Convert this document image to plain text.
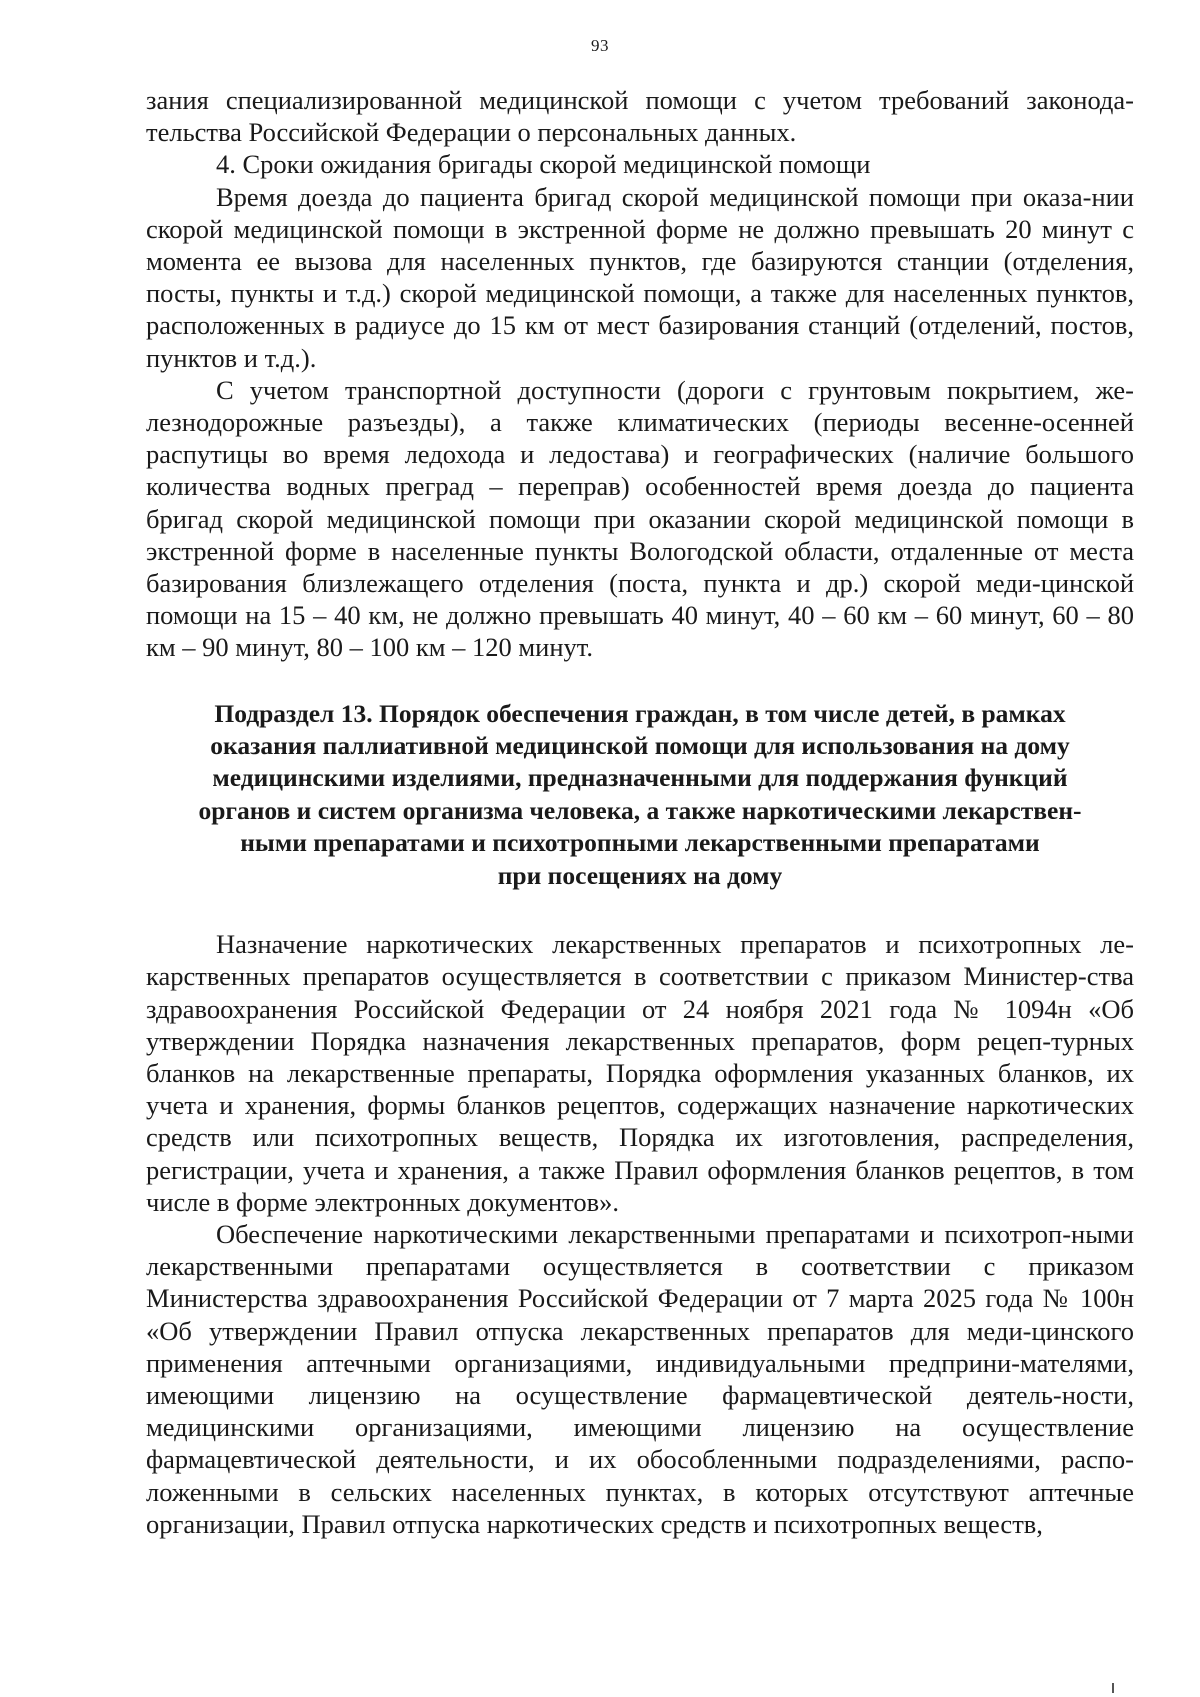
93

зания специализированной медицинской помощи с учетом требований законода-тельства Российской Федерации о персональных данных.

4. Сроки ожидания бригады скорой медицинской помощи

Время доезда до пациента бригад скорой медицинской помощи при оказа-нии скорой медицинской помощи в экстренной форме не должно превышать 20 минут с момента ее вызова для населенных пунктов, где базируются станции (отделения, посты, пункты и т.д.) скорой медицинской помощи, а также для населенных пунктов, расположенных в радиусе до 15 км от мест базирования станций (отделений, постов, пунктов и т.д.).

С учетом транспортной доступности (дороги с грунтовым покрытием, же-лезнодорожные разъезды), а также климатических (периоды весенне-осенней распутицы во время ледохода и ледостава) и географических (наличие большого количества водных преград – переправ) особенностей время доезда до пациента бригад скорой медицинской помощи при оказании скорой медицинской помощи в экстренной форме в населенные пункты Вологодской области, отдаленные от места базирования близлежащего отделения (поста, пункта и др.) скорой меди-цинской помощи на 15 – 40 км, не должно превышать 40 минут, 40 – 60 км – 60 минут, 60 – 80 км – 90 минут, 80 – 100 км – 120 минут.

Подраздел 13. Порядок обеспечения граждан, в том числе детей, в рамках
оказания паллиативной медицинской помощи для использования на дому
медицинскими изделиями, предназначенными для поддержания функций
органов и систем организма человека, а также наркотическими лекарствен-
ными препаратами и психотропными лекарственными препаратами
при посещениях на дому

Назначение наркотических лекарственных препаратов и психотропных ле-карственных препаратов осуществляется в соответствии с приказом Министер-ства здравоохранения Российской Федерации от 24 ноября 2021 года № 1094н «Об утверждении Порядка назначения лекарственных препаратов, форм рецеп-турных бланков на лекарственные препараты, Порядка оформления указанных бланков, их учета и хранения, формы бланков рецептов, содержащих назначение наркотических средств или психотропных веществ, Порядка их изготовления, распределения, регистрации, учета и хранения, а также Правил оформления бланков рецептов, в том числе в форме электронных документов».

Обеспечение наркотическими лекарственными препаратами и психотроп-ными лекарственными препаратами осуществляется в соответствии с приказом Министерства здравоохранения Российской Федерации от 7 марта 2025 года № 100н «Об утверждении Правил отпуска лекарственных препаратов для меди-цинского применения аптечными организациями, индивидуальными предприни-мателями, имеющими лицензию на осуществление фармацевтической деятель-ности, медицинскими организациями, имеющими лицензию на осуществление фармацевтической деятельности, и их обособленными подразделениями, распо-ложенными в сельских населенных пунктах, в которых отсутствуют аптечные организации, Правил отпуска наркотических средств и психотропных веществ,
